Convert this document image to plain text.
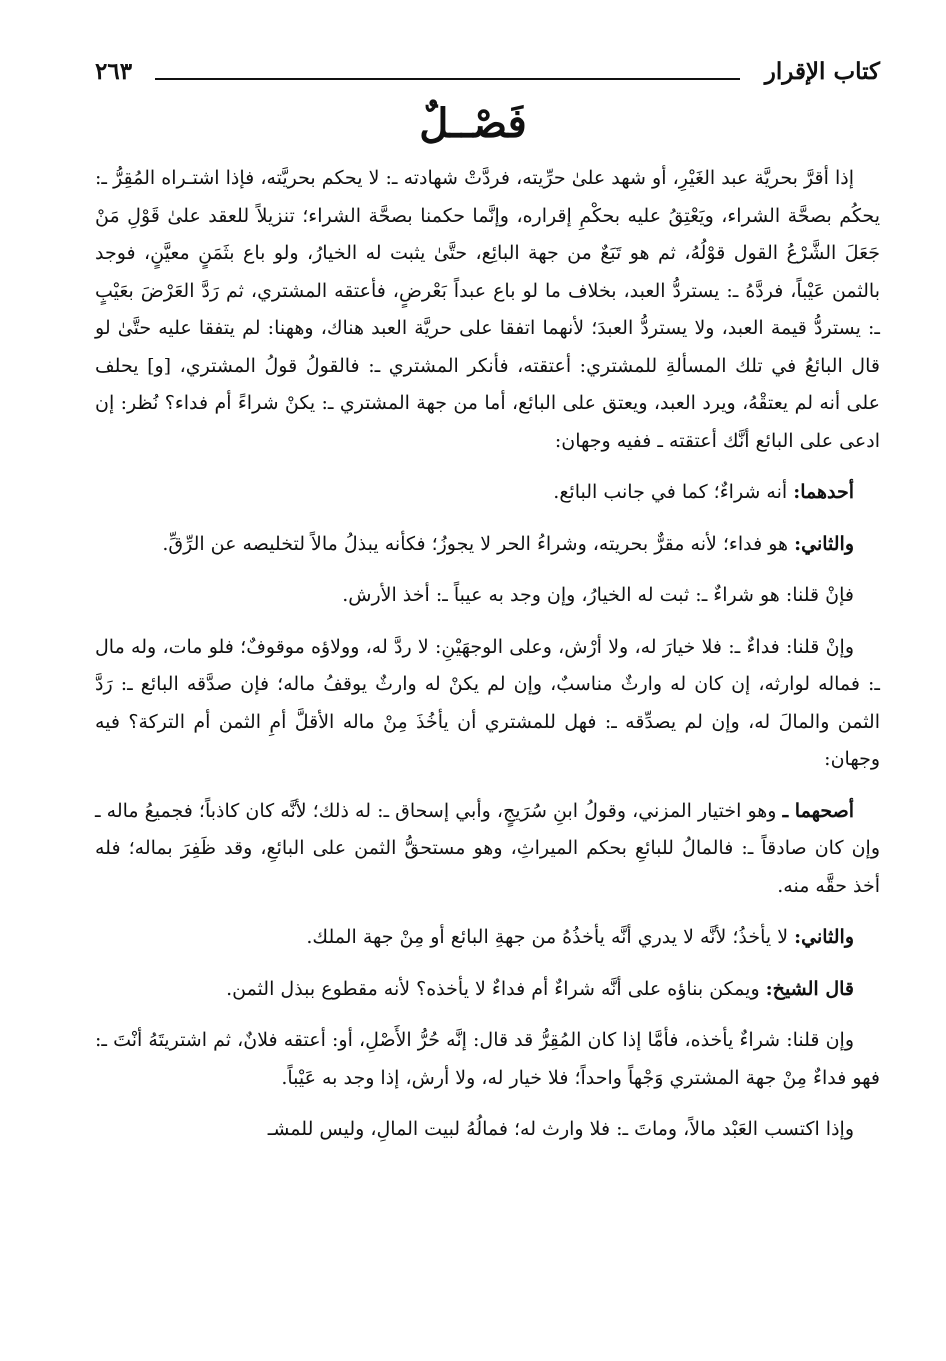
كتاب الإقرار
٢٦٣
فَصْــلٌ

إذا أقرَّ بحريَّة عبد الغَيْرِ، أو شهد علىٰ حرِّيته، فردَّتْ شهادته ـ: لا يحكم بحريَّته، فإذا اشتـراه المُقِرُّ ـ: يحكُم بصحَّة الشراء، ويَعْتِقُ عليه بحكْمِ إقراره، وإنَّما حكمنا بصحَّة الشراء؛ تنزيلاً للعقد علىٰ قَوْلِ مَنْ جَعَلَ الشَّرْعُ القول قوْلُهُ، ثم هو تَبَعٌ من جهة البائِع، حتَّىٰ يثبت له الخيارُ، ولو باع بثَمَنٍ معيَّنٍ، فوجد بالثمن عَيْباً، فردَّهُ ـ: يستردُّ العبد، بخلاف ما لو باع عبداً بَعْرضٍ، فأعتقه المشتري، ثم رَدَّ العَرْضَ بعَيْبٍ ـ: يستردُّ قيمة العبد، ولا يستردُّ العبدَ؛ لأنهما اتفقا على حريَّة العبد هناك، وههنا: لم يتفقا عليه حتَّىٰ لو قال البائعُ في تلك المسألةِ للمشتري: أعتقته، فأنكر المشتري ـ: فالقولُ قولُ المشتري، [و] يحلف على أنه لم يعتقْهُ، ويرد العبد، ويعتق على البائع، أما من جهة المشتري ـ: يكنْ شراءً أم فداء؟ نُظر: إن ادعى على البائع أنَّك أعتقته ـ ففيه وجهان:

أحدهما: أنه شراءٌ؛ كما في جانب البائع.

والثاني: هو فداء؛ لأنه مقرٌّ بحريته، وشراءُ الحر لا يجوزُ؛ فكأنه يبذلُ مالاً لتخليصه عن الرِّقِّ.

فإنْ قلنا: هو شراءٌ ـ: ثبت له الخيارُ، وإن وجد به عيباً ـ: أخذ الأرش.

وإنْ قلنا: فداءٌ ـ: فلا خيارَ له، ولا أرْش، وعلى الوجهَيْنِ: لا ردَّ له، وولاؤه موقوفٌ؛ فلو مات، وله مال ـ: فماله لوارثه، إن كان له وارثٌ مناسبٌ، وإن لم يكنْ له وارثٌ يوقفُ ماله؛ فإن صدَّقه البائع ـ: رَدَّ الثمن والمالَ له، وإن لم يصدِّقه ـ: فهل للمشتري أن يأخُذَ مِنْ ماله الأقلَّ أمِ الثمن أم التركة؟ فيه وجهان:

أصحهما ـ وهو اختيار المزني، وقولُ ابنِ سُرَيجٍ، وأبي إسحاق ـ: له ذلك؛ لأنَّه كان كاذباً؛ فجميعُ ماله ـ وإن كان صادقاً ـ: فالمالُ للبائعِ بحكم الميراثِ، وهو مستحقُّ الثمن على البائعِ، وقد ظَفِرَ بماله؛ فله أخذ حقَّه منه.

والثاني: لا يأخذُ؛ لأنَّه لا يدري أنَّه يأخذُهُ من جهةِ البائع أو مِنْ جهة الملك.

قال الشيخ: ويمكن بناؤه على أنَّه شراءٌ أم فداءٌ لا يأخذه؟ لأنه مقطوع ببذل الثمن.

وإن قلنا: شراءٌ يأخذه، فأمَّا إذا كان المُقِرُّ قد قال: إنَّه حُرُّ الأَصْلِ، أو: أعتقه فلانٌ، ثم اشتريتَهُ أنْتَ ـ: فهو فداءٌ مِنْ جهة المشتري وَجْهاً واحداً؛ فلا خيار له، ولا أرش، إذا وجد به عَيْباً.

وإذا اكتسب العَبْد مالاً، وماتَ ـ: فلا وارث له؛ فمالُهُ لبيت المالِ، وليس للمشـ
